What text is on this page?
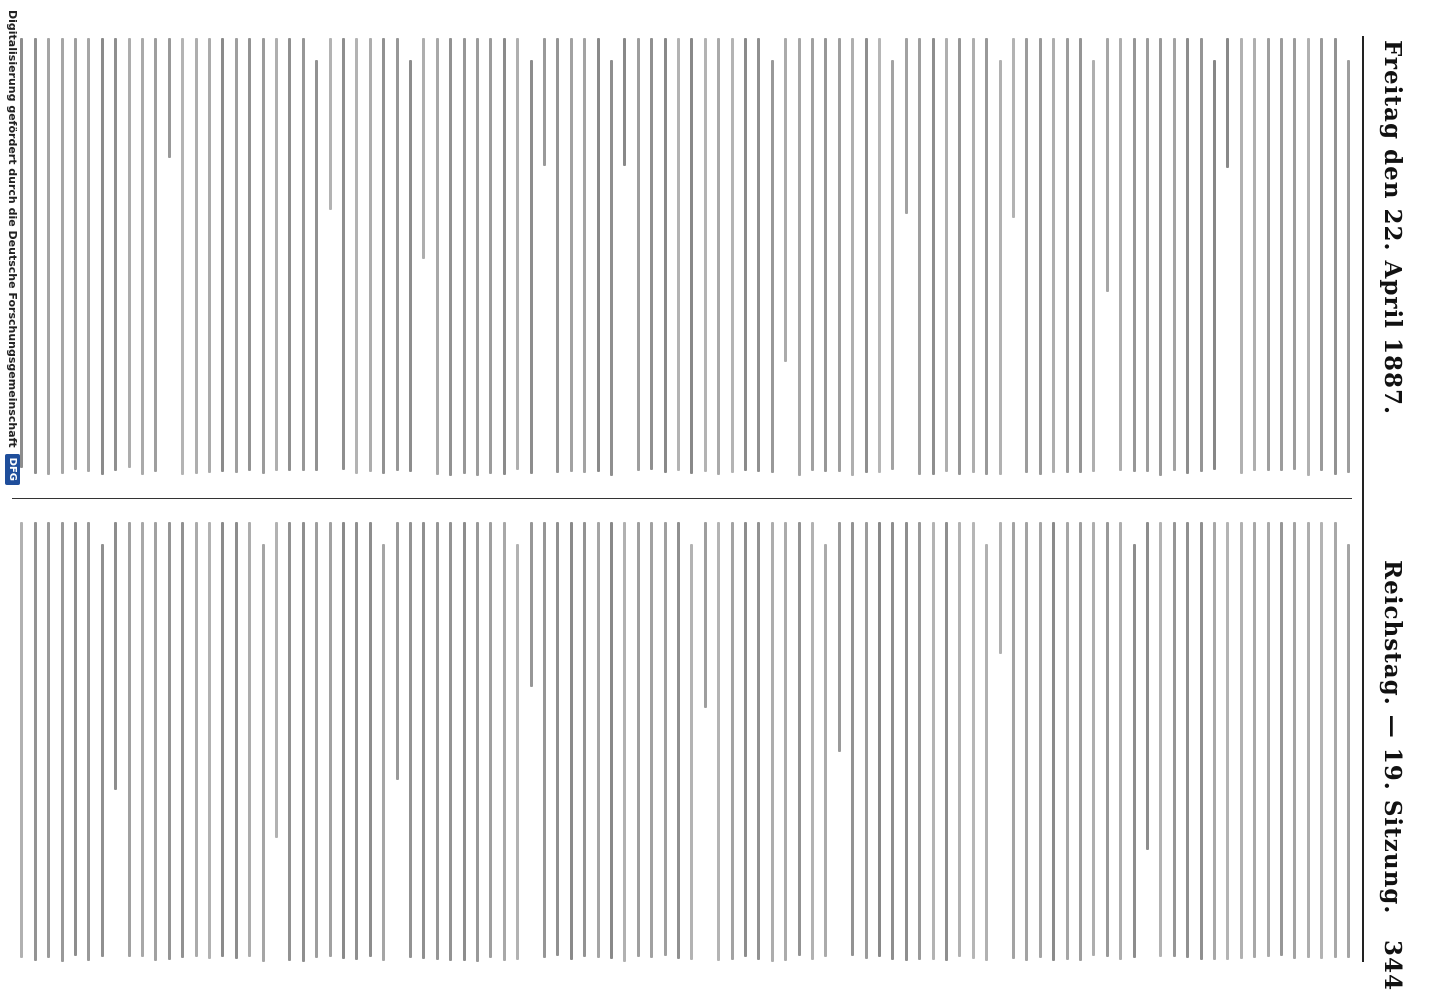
Freitag den 22. April 1887.
Reichstag. — 19. Sitzung.
344
Digitalisierung gefördert durch die Deutsche Forschungsgemeinschaft
DFG
